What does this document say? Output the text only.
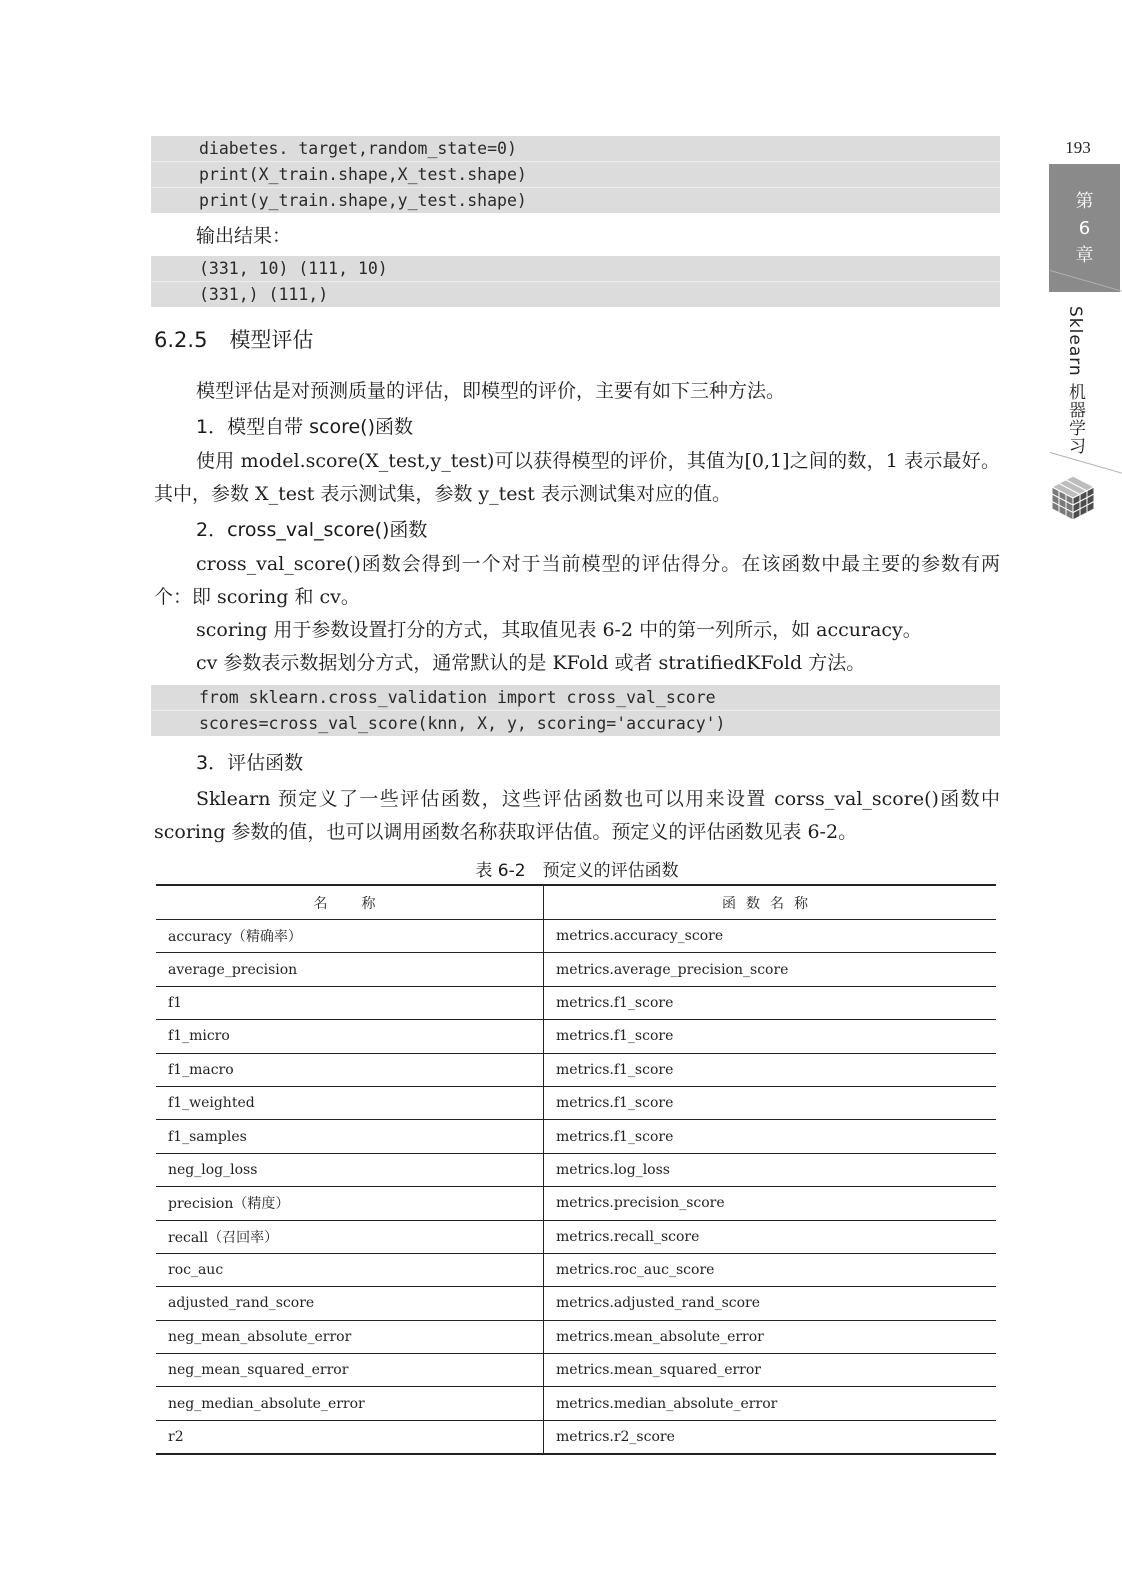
193
第
6
章
Sklearn 机器学习
diabetes. target,random_state=0)
print(X_train.shape,X_test.shape)
print(y_train.shape,y_test.shape)

输出结果：

(331, 10) (111, 10)
(331,) (111,)
6.2.5 模型评估

模型评估是对预测质量的评估，即模型的评价，主要有如下三种方法。

1．模型自带 score()函数

使用 model.score(X_test,y_test)可以获得模型的评价，其值为[0,1]之间的数，1 表示最好。其中，参数 X_test 表示测试集，参数 y_test 表示测试集对应的值。

2．cross_val_score()函数

cross_val_score()函数会得到一个对于当前模型的评估得分。在该函数中最主要的参数有两个：即 scoring 和 cv。

scoring 用于参数设置打分的方式，其取值见表 6-2 中的第一列所示，如 accuracy。

cv 参数表示数据划分方式，通常默认的是 KFold 或者 stratifiedKFold 方法。

from sklearn.cross_validation import cross_val_score
scores=cross_val_score(knn, X, y, scoring='accuracy')
3．评估函数

Sklearn 预定义了一些评估函数，这些评估函数也可以用来设置 corss_val_score()函数中 scoring 参数的值，也可以调用函数名称获取评估值。预定义的评估函数见表 6-2。

表 6-2　预定义的评估函数
名　称	函数名称
accuracy（精确率）	metrics.accuracy_score
average_precision	metrics.average_precision_score
f1	metrics.f1_score
f1_micro	metrics.f1_score
f1_macro	metrics.f1_score
f1_weighted	metrics.f1_score
f1_samples	metrics.f1_score
neg_log_loss	metrics.log_loss
precision（精度）	metrics.precision_score
recall（召回率）	metrics.recall_score
roc_auc	metrics.roc_auc_score
adjusted_rand_score	metrics.adjusted_rand_score
neg_mean_absolute_error	metrics.mean_absolute_error
neg_mean_squared_error	metrics.mean_squared_error
neg_median_absolute_error	metrics.median_absolute_error
r2	metrics.r2_score
